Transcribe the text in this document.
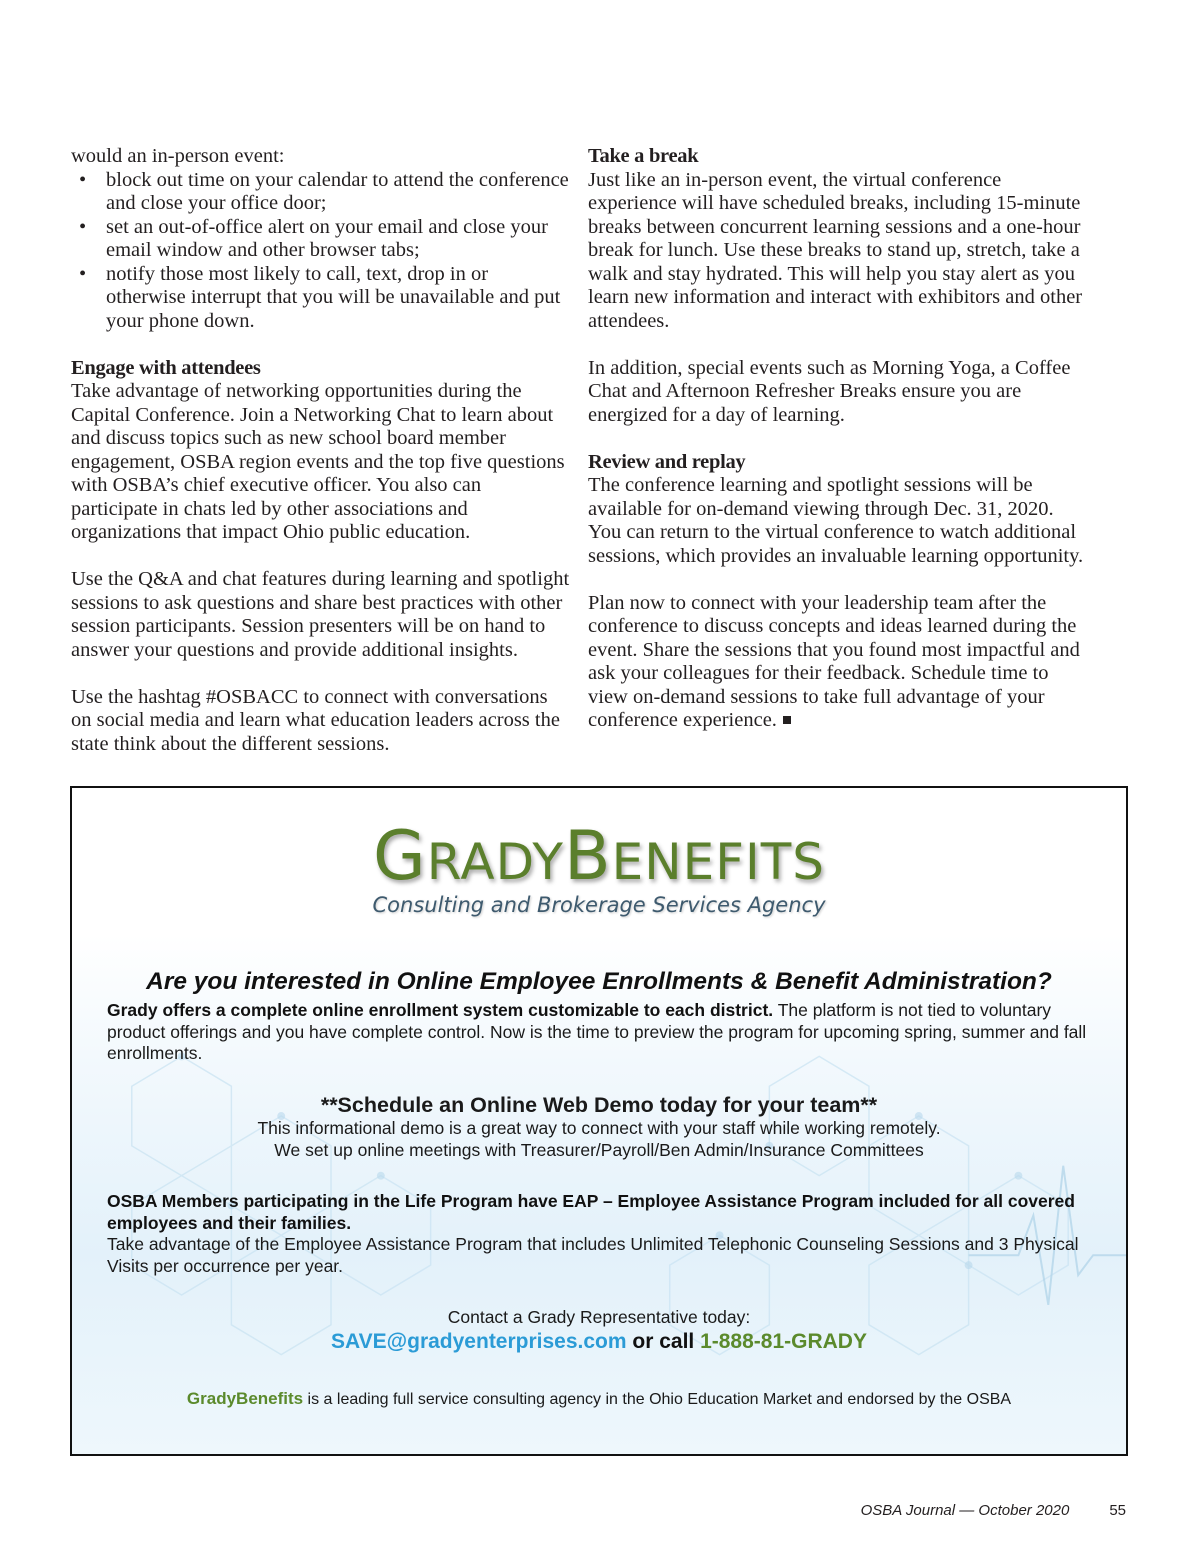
would an in-person event:

• block out time on your calendar to attend the conference and close your office door;
• set an out-of-office alert on your email and close your email window and other browser tabs;
• notify those most likely to call, text, drop in or otherwise interrupt that you will be unavailable and put your phone down.
Engage with attendees

Take advantage of networking opportunities during the Capital Conference. Join a Networking Chat to learn about and discuss topics such as new school board member engagement, OSBA region events and the top five questions with OSBA’s chief executive officer. You also can participate in chats led by other associations and organizations that impact Ohio public education.

Use the Q&A and chat features during learning and spotlight sessions to ask questions and share best practices with other session participants. Session presenters will be on hand to answer your questions and provide additional insights.

Use the hashtag #OSBACC to connect with conversations on social media and learn what education leaders across the state think about the different sessions.

Take a break

Just like an in-person event, the virtual conference experience will have scheduled breaks, including 15-minute breaks between concurrent learning sessions and a one-hour break for lunch. Use these breaks to stand up, stretch, take a walk and stay hydrated. This will help you stay alert as you learn new information and interact with exhibitors and other attendees.

In addition, special events such as Morning Yoga, a Coffee Chat and Afternoon Refresher Breaks ensure you are energized for a day of learning.

Review and replay

The conference learning and spotlight sessions will be available for on-demand viewing through Dec. 31, 2020. You can return to the virtual conference to watch additional sessions, which provides an invaluable learning opportunity.

Plan now to connect with your leadership team after the conference to discuss concepts and ideas learned during the event. Share the sessions that you found most impactful and ask your colleagues for their feedback. Schedule time to view on-demand sessions to take full advantage of your conference experience.

GRADYBENEFITS
Consulting and Brokerage Services Agency
Are you interested in Online Employee Enrollments & Benefit Administration?
Grady offers a complete online enrollment system customizable to each district. The platform is not tied to voluntary product offerings and you have complete control. Now is the time to preview the program for upcoming spring, summer and fall enrollments.
**Schedule an Online Web Demo today for your team**
This informational demo is a great way to connect with your staff while working remotely.
We set up online meetings with Treasurer/Payroll/Ben Admin/Insurance Committees
OSBA Members participating in the Life Program have EAP – Employee Assistance Program included for all covered employees and their families.
Take advantage of the Employee Assistance Program that includes Unlimited Telephonic Counseling Sessions and 3 Physical Visits per occurrence per year.
Contact a Grady Representative today:
SAVE@gradyenterprises.com or call 1-888-81-GRADY
GradyBenefits is a leading full service consulting agency in the Ohio Education Market and endorsed by the OSBA
OSBA Journal — October 2020	55
